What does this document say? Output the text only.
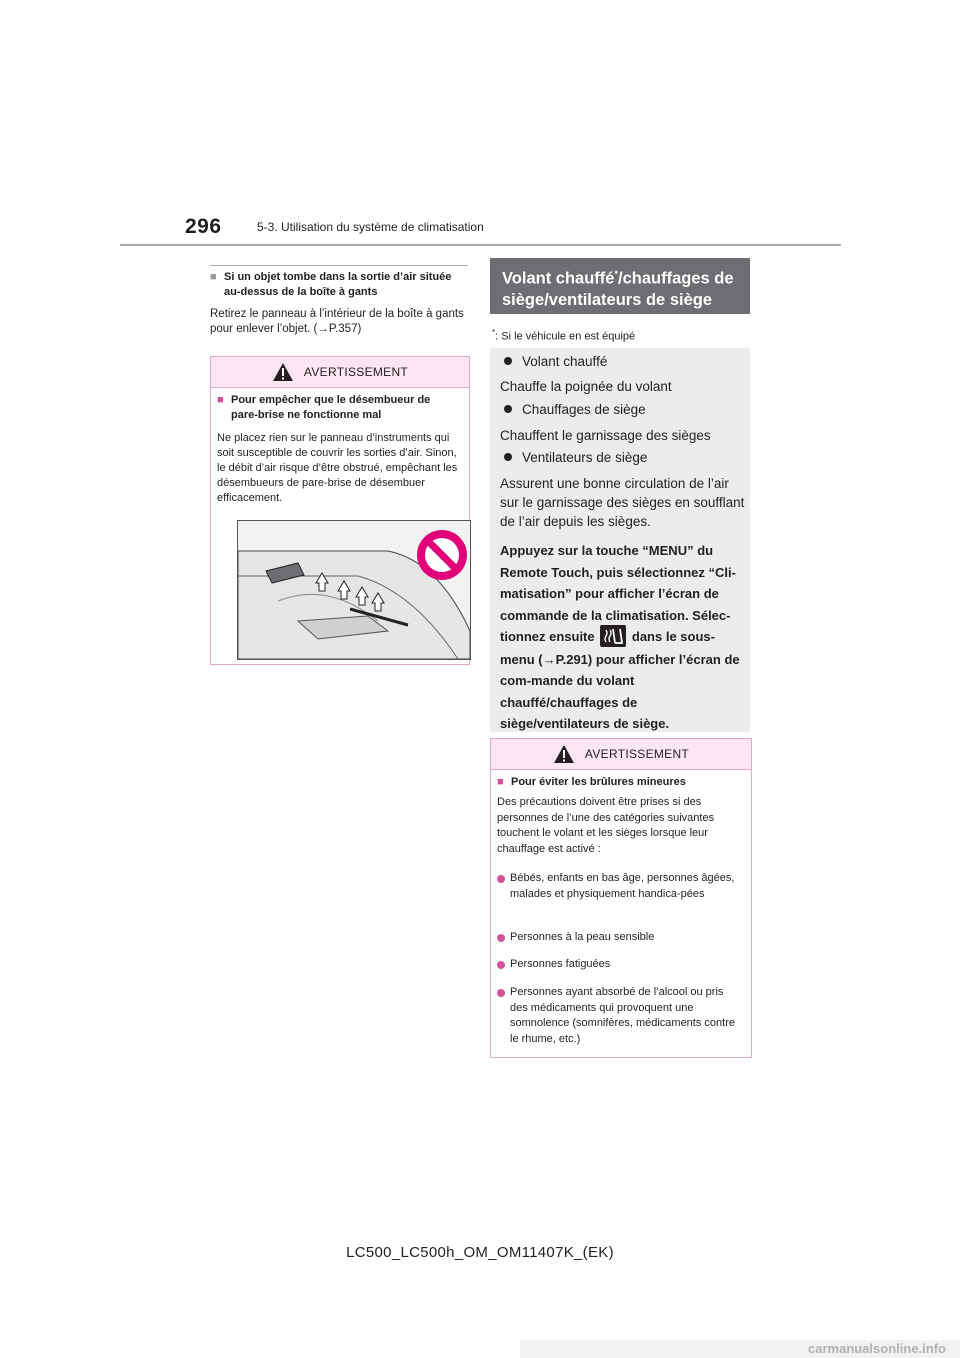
296	5-3. Utilisation du système de climatisation
■ Si un objet tombe dans la sortie d’air située au-dessus de la boîte à gants
Retirez le panneau à l’intérieur de la boîte à gants pour enlever l’objet. (→P.357)
AVERTISSEMENT
■ Pour empêcher que le désembueur de pare-brise ne fonctionne mal
Ne placez rien sur le panneau d’instruments qui soit susceptible de couvrir les sorties d’air. Sinon, le débit d’air risque d’être obstrué, empêchant les désembueurs de pare-brise de désembuer efficacement.
Volant chauffé*/chauffages de siège/ventilateurs de siège
*: Si le véhicule en est équipé
Volant chauffé
Chauffe la poignée du volant
Chauffages de siège
Chauffent le garnissage des sièges
Ventilateurs de siège
Assurent une bonne circulation de l’air sur le garnissage des sièges en soufflant de l’air depuis les sièges.
Appuyez sur la touche “MENU” du Remote Touch, puis sélectionnez “Cli-matisation” pour afficher l’écran de commande de la climatisation. Sélec-tionnez ensuite	dans le sous-menu (→P.291) pour afficher l’écran de com-mande du volant chauffé/chauffages de siège/ventilateurs de siège.
AVERTISSEMENT
■ Pour éviter les brûlures mineures
Des précautions doivent être prises si des personnes de l’une des catégories suivantes touchent le volant et les sièges lorsque leur chauffage est activé :
Bébés, enfants en bas âge, personnes âgées, malades et physiquement handica-pées
Personnes à la peau sensible
Personnes fatiguées
Personnes ayant absorbé de l’alcool ou pris des médicaments qui provoquent une somnolence (somnifères, médicaments contre le rhume, etc.)
LC500_LC500h_OM_OM11407K_(EK)
carmanualsonline.info
